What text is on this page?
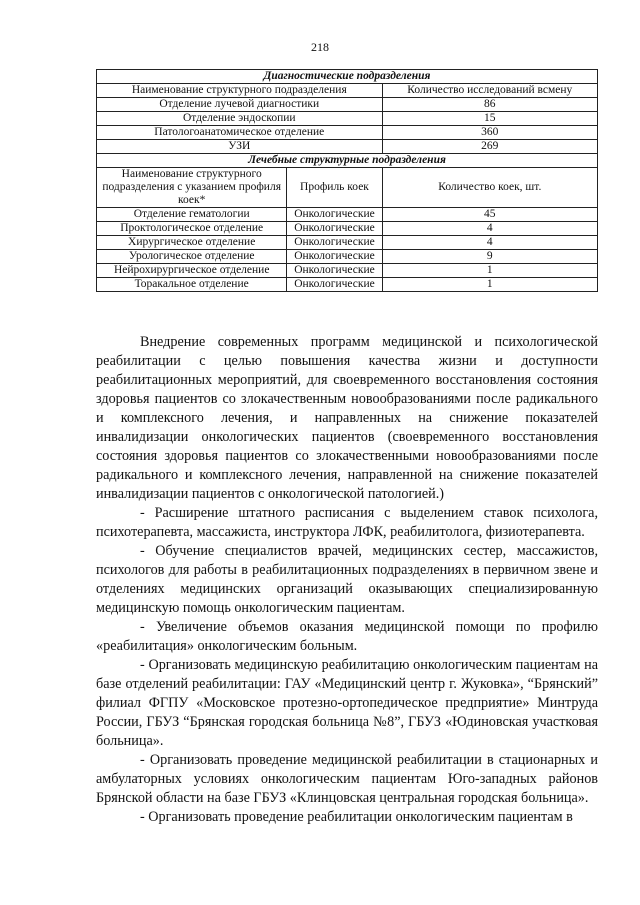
218
Диагностические подразделения		
Наименование структурного подразделения		Количество исследований всмену
Отделение лучевой диагностики		86
Отделение эндоскопии		15
Патологоанатомическое отделение		360
УЗИ		269
Лечебные структурные подразделения		
Наименование структурного подразделения с указанием профиля коек*	Профиль коек	Количество коек, шт.
Отделение гематологии	Онкологические	45
Проктологическое отделение	Онкологические	4
Хирургическое отделение	Онкологические	4
Урологическое отделение	Онкологические	9
Нейрохирургическое отделение	Онкологические	1
Торакальное отделение	Онкологические	1

Внедрение современных программ медицинской и психологической реабилитации с целью повышения качества жизни и доступности реабилитационных мероприятий, для своевременного восстановления состояния здоровья пациентов со злокачественным новообразованиями после радикального и комплексного лечения, и направленных на снижение показателей инвалидизации онкологических пациентов (своевременного восстановления состояния здоровья пациентов со злокачественными новообразованиями после радикального и комплексного лечения, направленной на снижение показателей инвалидизации пациентов с онкологической патологией.)

- Расширение штатного расписания с выделением ставок психолога, психотерапевта, массажиста, инструктора ЛФК, реабилитолога, физиотерапевта.

- Обучение специалистов врачей, медицинских сестер, массажистов, психологов для работы в реабилитационных подразделениях в первичном звене и отделениях медицинских организаций оказывающих специализированную медицинскую помощь онкологическим пациентам.

- Увеличение объемов оказания медицинской помощи по профилю «реабилитация» онкологическим больным.

- Организовать медицинскую реабилитацию онкологическим пациентам на базе отделений реабилитации: ГАУ «Медицинский центр г. Жуковка», “Брянский” филиал ФГПУ «Московское протезно-ортопедическое предприятие» Минтруда России, ГБУЗ “Брянская городская больница №8”, ГБУЗ «Юдиновская участковая больница».

- Организовать проведение медицинской реабилитации в стационарных и амбулаторных условиях онкологическим пациентам Юго-западных районов Брянской области на базе ГБУЗ «Клинцовская центральная городская больница».

- Организовать проведение реабилитации онкологическим пациентам в
